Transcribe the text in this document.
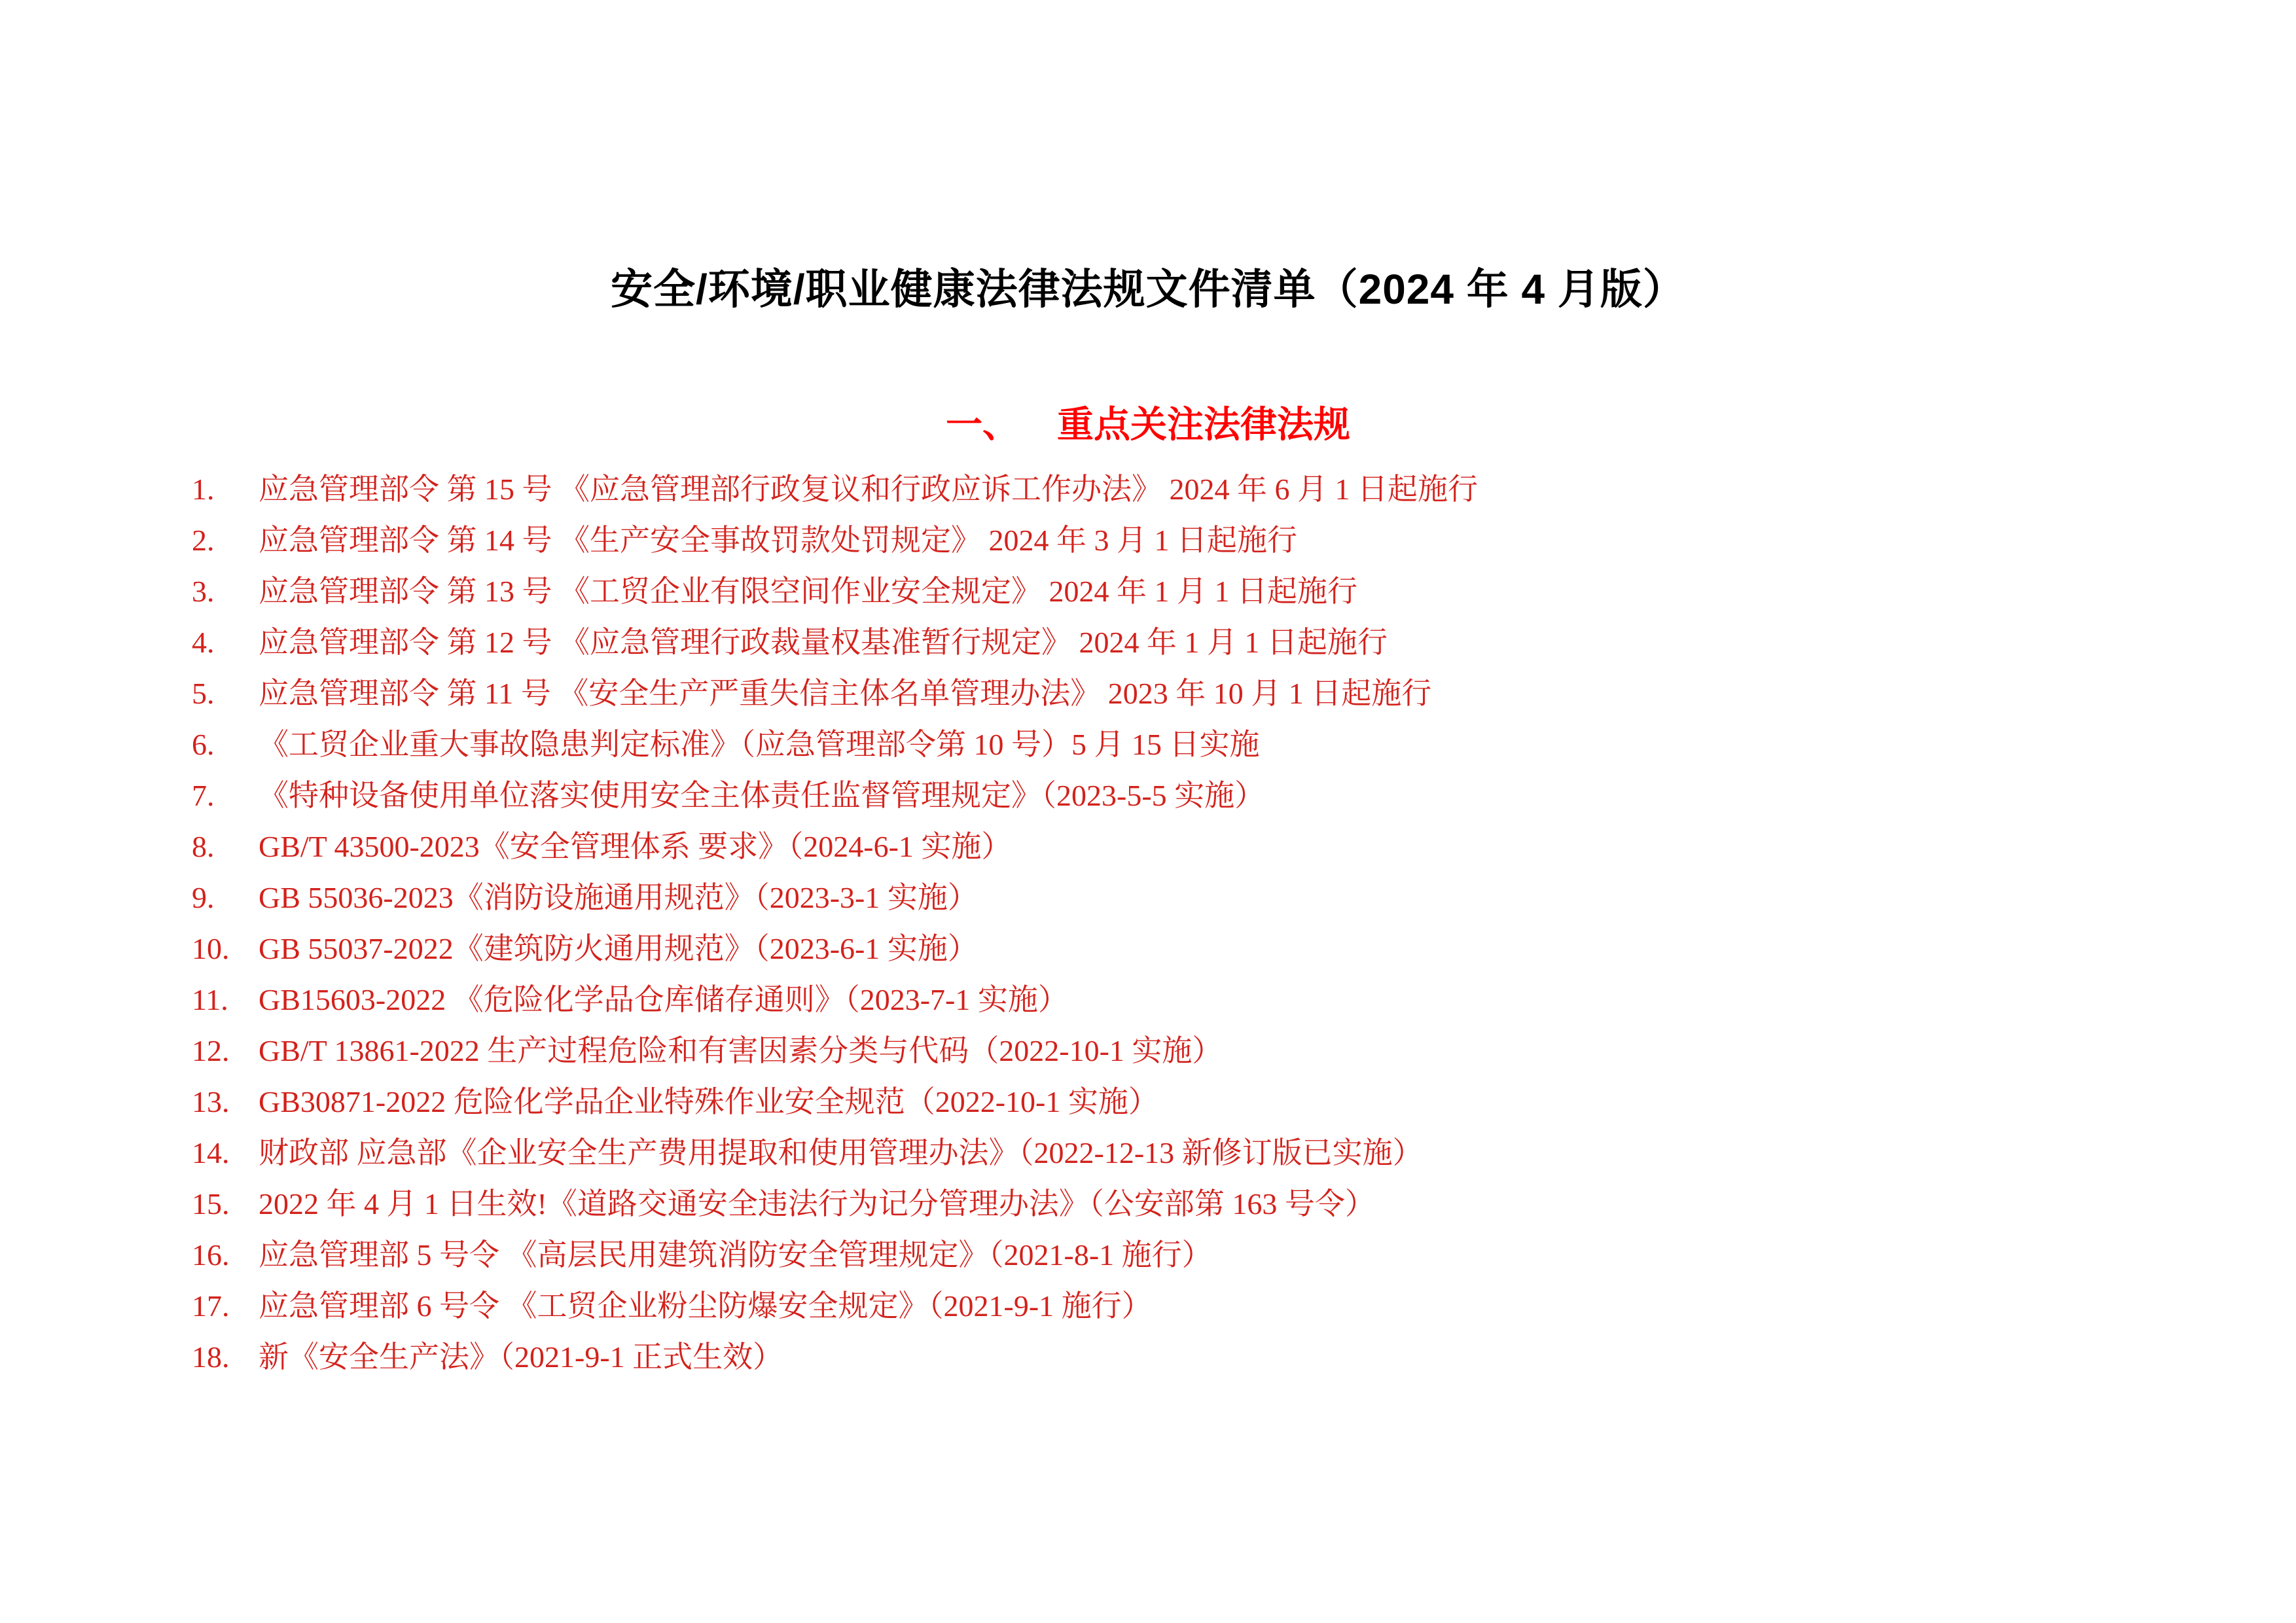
安全/环境/职业健康法律法规文件清单（2024 年 4 月版）
一、 重点关注法律法规
1. 应急管理部令 第 15 号 《应急管理部行政复议和行政应诉工作办法》 2024 年 6 月 1 日起施行
2. 应急管理部令 第 14 号 《生产安全事故罚款处罚规定》 2024 年 3 月 1 日起施行
3. 应急管理部令 第 13 号 《工贸企业有限空间作业安全规定》 2024 年 1 月 1 日起施行
4. 应急管理部令 第 12 号 《应急管理行政裁量权基准暂行规定》 2024 年 1 月 1 日起施行
5. 应急管理部令 第 11 号 《安全生产严重失信主体名单管理办法》 2023 年 10 月 1 日起施行
6. 《工贸企业重大事故隐患判定标准》（应急管理部令第 10 号）5 月 15 日实施
7. 《特种设备使用单位落实使用安全主体责任监督管理规定》（2023-5-5 实施）
8. GB/T 43500-2023《安全管理体系 要求》（2024-6-1 实施）
9. GB 55036-2023《消防设施通用规范》（2023-3-1 实施）
10. GB 55037-2022《建筑防火通用规范》（2023-6-1 实施）
11. GB15603-2022 《危险化学品仓库储存通则》（2023-7-1 实施）
12. GB/T 13861-2022 生产过程危险和有害因素分类与代码（2022-10-1 实施）
13. GB30871-2022 危险化学品企业特殊作业安全规范（2022-10-1 实施）
14. 财政部 应急部《企业安全生产费用提取和使用管理办法》（2022-12-13 新修订版已实施）
15. 2022 年 4 月 1 日生效!《道路交通安全违法行为记分管理办法》（公安部第 163 号令）
16. 应急管理部 5 号令 《高层民用建筑消防安全管理规定》（2021-8-1 施行）
17. 应急管理部 6 号令 《工贸企业粉尘防爆安全规定》（2021-9-1 施行）
18. 新《安全生产法》（2021-9-1 正式生效）
